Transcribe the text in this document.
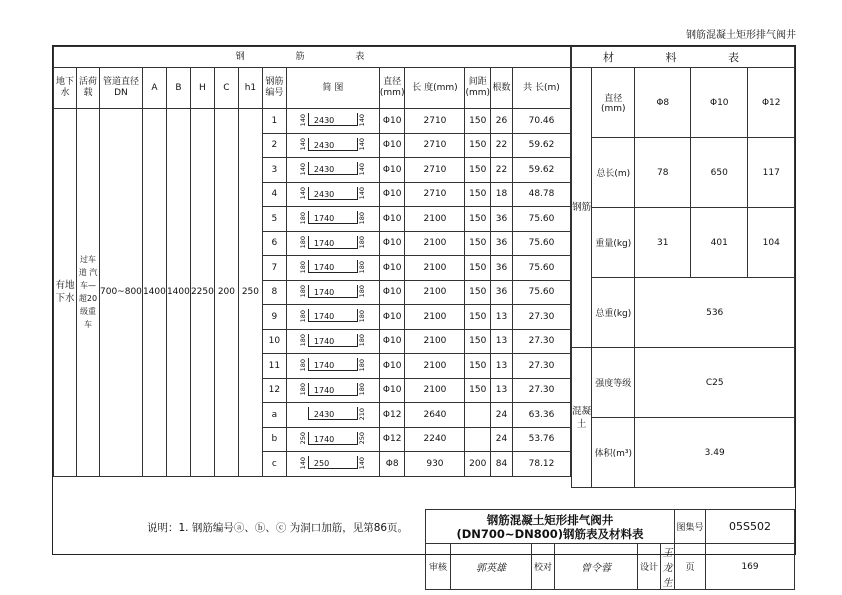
钢筋混凝土矩形排气阀井
钢 筋 表														
地下水	活荷载	管道直径DN	A	B	H	C	h1	钢筋编号	简 图	直径(mm)	长 度(mm)	间距(mm)	根数	共 长(m)
有地下水	过车道 汽车—超20级重车	700~800	1400	1400	2250	200	250	1	140 2430 140	Φ10	2710	150	26	70.46
								2	140 2430 140	Φ10	2710	150	22	59.62
								3	140 2430 140	Φ10	2710	150	22	59.62
								4	140 2430 140	Φ10	2710	150	18	48.78
								5	180 1740 180	Φ10	2100	150	36	75.60
								6	180 1740 180	Φ10	2100	150	36	75.60
								7	180 1740 180	Φ10	2100	150	36	75.60
								8	180 1740 180	Φ10	2100	150	36	75.60
								9	180 1740 180	Φ10	2100	150	13	27.30
								10	180 1740 180	Φ10	2100	150	13	27.30
								11	180 1740 180	Φ10	2100	150	13	27.30
								12	180 1740 180	Φ10	2100	150	13	27.30
								a	2430 210	Φ12	2640		24	63.36
								b	250 1740 250	Φ12	2240		24	53.76
								c	140 250 140	Φ8	930	200	84	78.12
材 料 表				
钢筋	直径(mm)	Φ8	Φ10	Φ12
	总长(m)	78	650	117
	重量(kg)	31	401	104
	总重(kg)	536		
混凝土	强度等级	C25		
	体积(m³)	3.49		
说明：1. 钢筋编号ⓐ、ⓑ、ⓒ 为洞口加筋，见第86页。
钢筋混凝土矩形排气阀井
(DN700~DN800)钢筋表及材料表						图集号	05S502
审核	郭英雄	校对	曾令蓉	设计	王龙生	页	169
